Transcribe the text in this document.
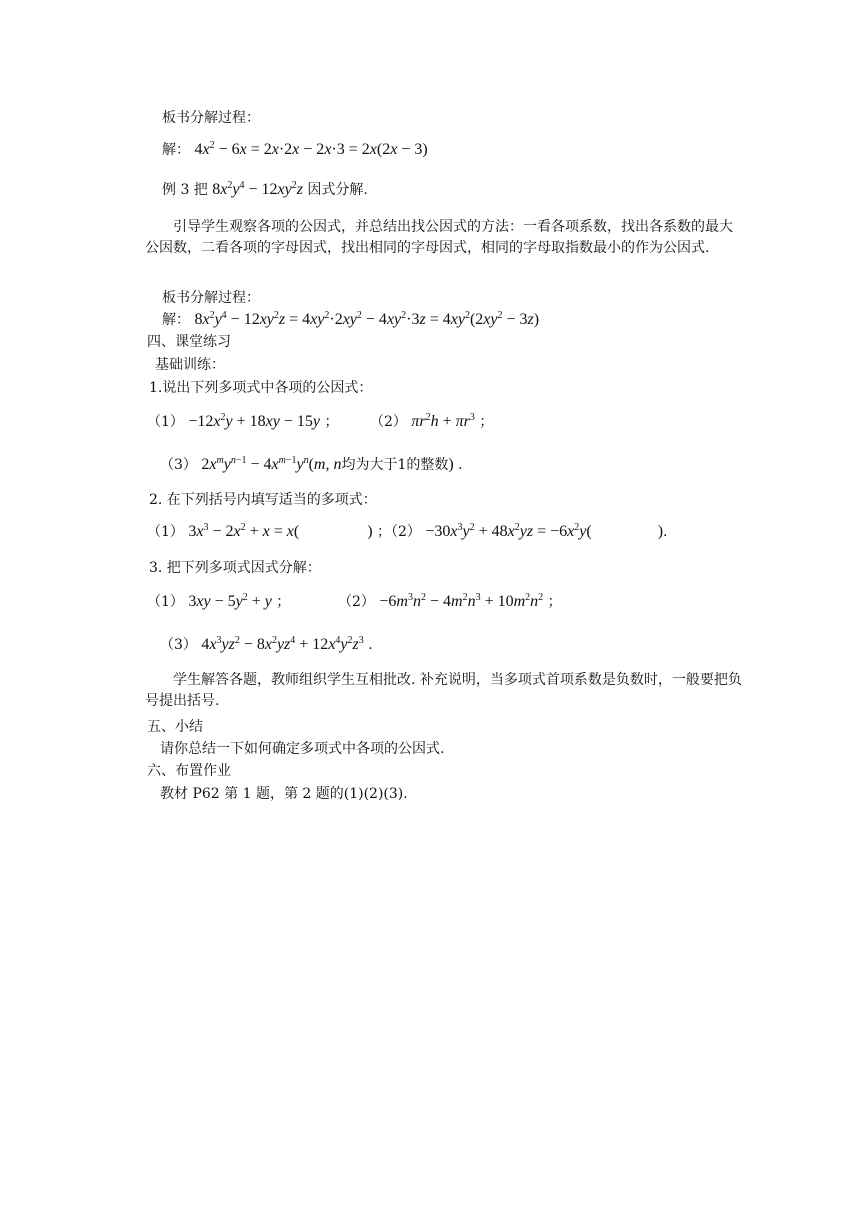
板书分解过程：
解： $4x^2 - 6x = 2x\cdot 2x - 2x\cdot 3 = 2x(2x - 3)$
例 3 把 $8x^2y^4 - 12xy^2z$ 因式分解.
引导学生观察各项的公因式，并总结出找公因式的方法：一看各项系数，找出各系数的最大公因数，二看各项的字母因式，找出相同的字母因式，相同的字母取指数最小的作为公因式.
板书分解过程：
解： $8x^2y^4 - 12xy^2z = 4xy^2\cdot 2xy^2 - 4xy^2\cdot 3z = 4xy^2(2xy^2 - 3z)$
四、课堂练习
基础训练：
1.说出下列多项式中各项的公因式：
$(1) -12x^2y + 18xy - 15y$ ； （2） $\pi r^2h + \pi r^3$ ；
（3） $2x^my^{n-1} - 4x^{m-1}y^n(m$, n均为大于1的整数) .
2. 在下列括号内填写适当的多项式：
（1） $3x^3 - 2x^2 + x = x$(	) ；$(2) -30x^3y^2 + 48x^2yz = -6x^2y$(	).
3. 把下列多项式因式分解：
（1） $3xy - 5y^2 + y$ ；	$(2) -6m^3n^2 - 4m^2n^3 + 10m^2n^2$ ；
（3） $4x^3yz^2 - 8x^2yz^4 + 12x^4y^2z^3$ .
学生解答各题，教师组织学生互相批改. 补充说明，当多项式首项系数是负数时，一般要把负号提出括号.
五、小结
请你总结一下如何确定多项式中各项的公因式.
六、布置作业
教材 P62 第 1 题，第 2 题的(1)(2)(3).
